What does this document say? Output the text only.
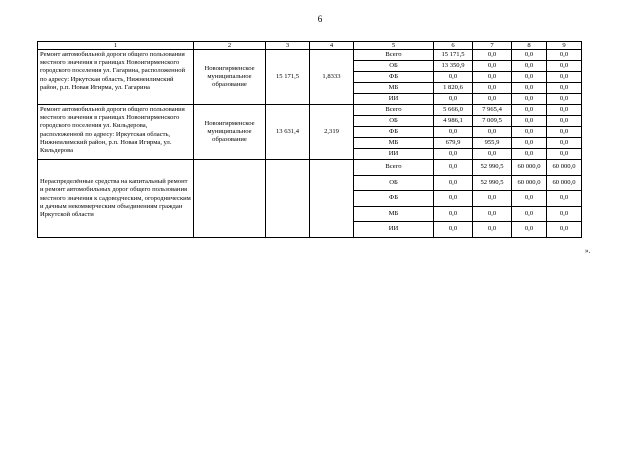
6
1	2	3	4	5	6	7	8	9
Ремонт автомобильной дороги общего пользования местного значения в границах Новоигирменского городского поселения ул. Гагарина, расположенной по адресу: Иркутская область, Нижнеилимский район, р.п. Новая Игирма, ул. Гагарина	Новоигирменское муниципальное образование	15 171,5	1,8333	Всего	15 171,5	0,0	0,0	0,0
				ОБ	13 350,9	0,0	0,0	0,0
				ФБ	0,0	0,0	0,0	0,0
				МБ	1 820,6	0,0	0,0	0,0
				ИИ	0,0	0,0	0,0	0,0
Ремонт автомобильной дороги общего пользования местного значения в границах Новоигирменского городского поселения ул. Кильдерова, расположенной по адресу: Иркутская область, Нижнеилимский район, р.п. Новая Игирма, ул. Кильдерова	Новоигирменское муниципальное образование	13 631,4	2,319	Всего	5 666,0	7 965,4	0,0	0,0
				ОБ	4 986,1	7 009,5	0,0	0,0
				ФБ	0,0	0,0	0,0	0,0
				МБ	679,9	955,9	0,0	0,0
				ИИ	0,0	0,0	0,0	0,0
Нераспределённые средства на капитальный ремонт и ремонт автомобильных дорог общего пользования местного значения к садоводческим, огородническим и дачным некоммерческим объединениям граждан Иркутской области				Всего	0,0	52 990,5	60 000,0	60 000,0
				ОБ	0,0	52 990,5	60 000,0	60 000,0
				ФБ	0,0	0,0	0,0	0,0
				МБ	0,0	0,0	0,0	0,0
				ИИ	0,0	0,0	0,0	0,0
».
